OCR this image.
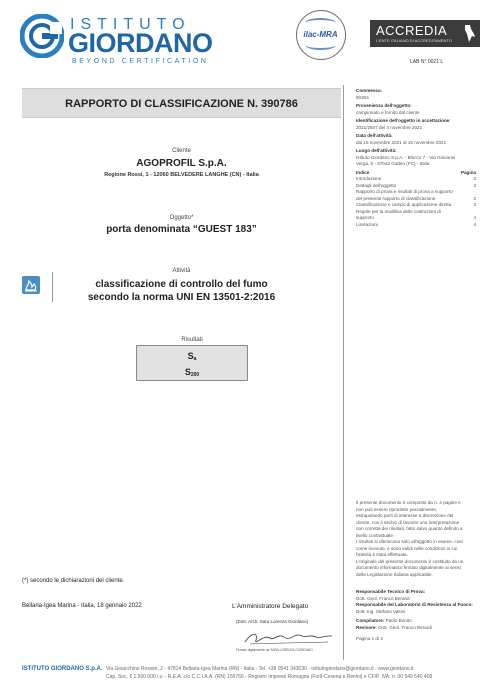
ISTITUTO
GIORDANO
BEYOND CERTIFICATION
ilac-MRA	ACCREDIA
L'ENTE ITALIANO DI ACCREDITAMENTO
LAB N° 0021 L
RAPPORTO DI CLASSIFICAZIONE N. 390786
Cliente
AGOPROFIL S.p.A.
Regione Rossi, 1 - 12060 BELVEDERE LANGHE (CN) - Italia
Oggetto*
porta denominata “GUEST 183”
Attività
classificazione di controllo del fumo
secondo la norma UNI EN 13501-2:2016
Risultati
$S_a$
$S_{200}$
Commessa:
90304
Provenienza dell'oggetto:
campionato e fornito dal cliente
Identificazione dell'oggetto in accettazione:
2021/2947 del 4 novembre 2021
Data dell'attività:
dal 15 novembre 2021 al 16 novembre 2021
Luogo dell'attività:
Istituto Giordano S.p.A. - Blocco 7 - Via Giovanni
Verga, 6 - 47043 Gatteo (FC) - Italia
Indice	Pagina
Introduzione	2
Dettagli dell'oggetto	2
Rapporto di prova e risultati di prova a supporto
del presente rapporto di classificazione	2
Classificazione e campo di applicazione diretta	3
Regole per la modifica delle costruzioni di
supporto	4
Limitazioni	4
Il presente documento è composto da n. 4 pagine e
non può essere riprodotto parzialmente,
estrapolando parti di interesse a discrezione del
cliente, con il rischio di favorire una interpretazione
non corretta dei risultati, fatto salvo quanto definito a
livello contrattuale.
I risultati si riferiscono solo all'oggetto in esame, così
come ricevuto, e sono validi nelle condizioni in cui
l'attività è stata effettuata.
L'originale del presente documento è costituito da un
documento informatico firmato digitalmente ai sensi
della Legislazione Italiana applicabile.
Responsabile Tecnico di Prova:
Dott. Geol. Franco Berardi
Responsabile del Laboratorio di Resistenza al Fuoco:
Dott. Ing. Stefano Vasini
Compilatore: Paolo Bonito
Revisore: Dott. Geol. Franco Berardi
Pagina 1 di 4
(*) secondo le dichiarazioni del cliente.
Bellaria-Igea Marina - Italia, 18 gennaio 2022	L’Amministratore Delegato
(Dott. Arch. Sara Lorenza Giordano)
Firmato digitalmente da SARA LORENZA GIORDANO
ISTITUTO GIORDANO S.p.A. Via Gioacchino Rossini, 2 - 47814 Bellaria-Igea Marina (RN) - Italia - Tel. +39 0541 343030 - istitutogiordano@giordano.it - www.giordano.it
Cap. Soc. € 1.500.000 i.v. - R.E.A. c/o C.C.I.A.A. (RN) 156766 - Registro Imprese Romagna (Forlì-Cesena e Rimini) e CF/P. IVA: n. 00 549 540 409
